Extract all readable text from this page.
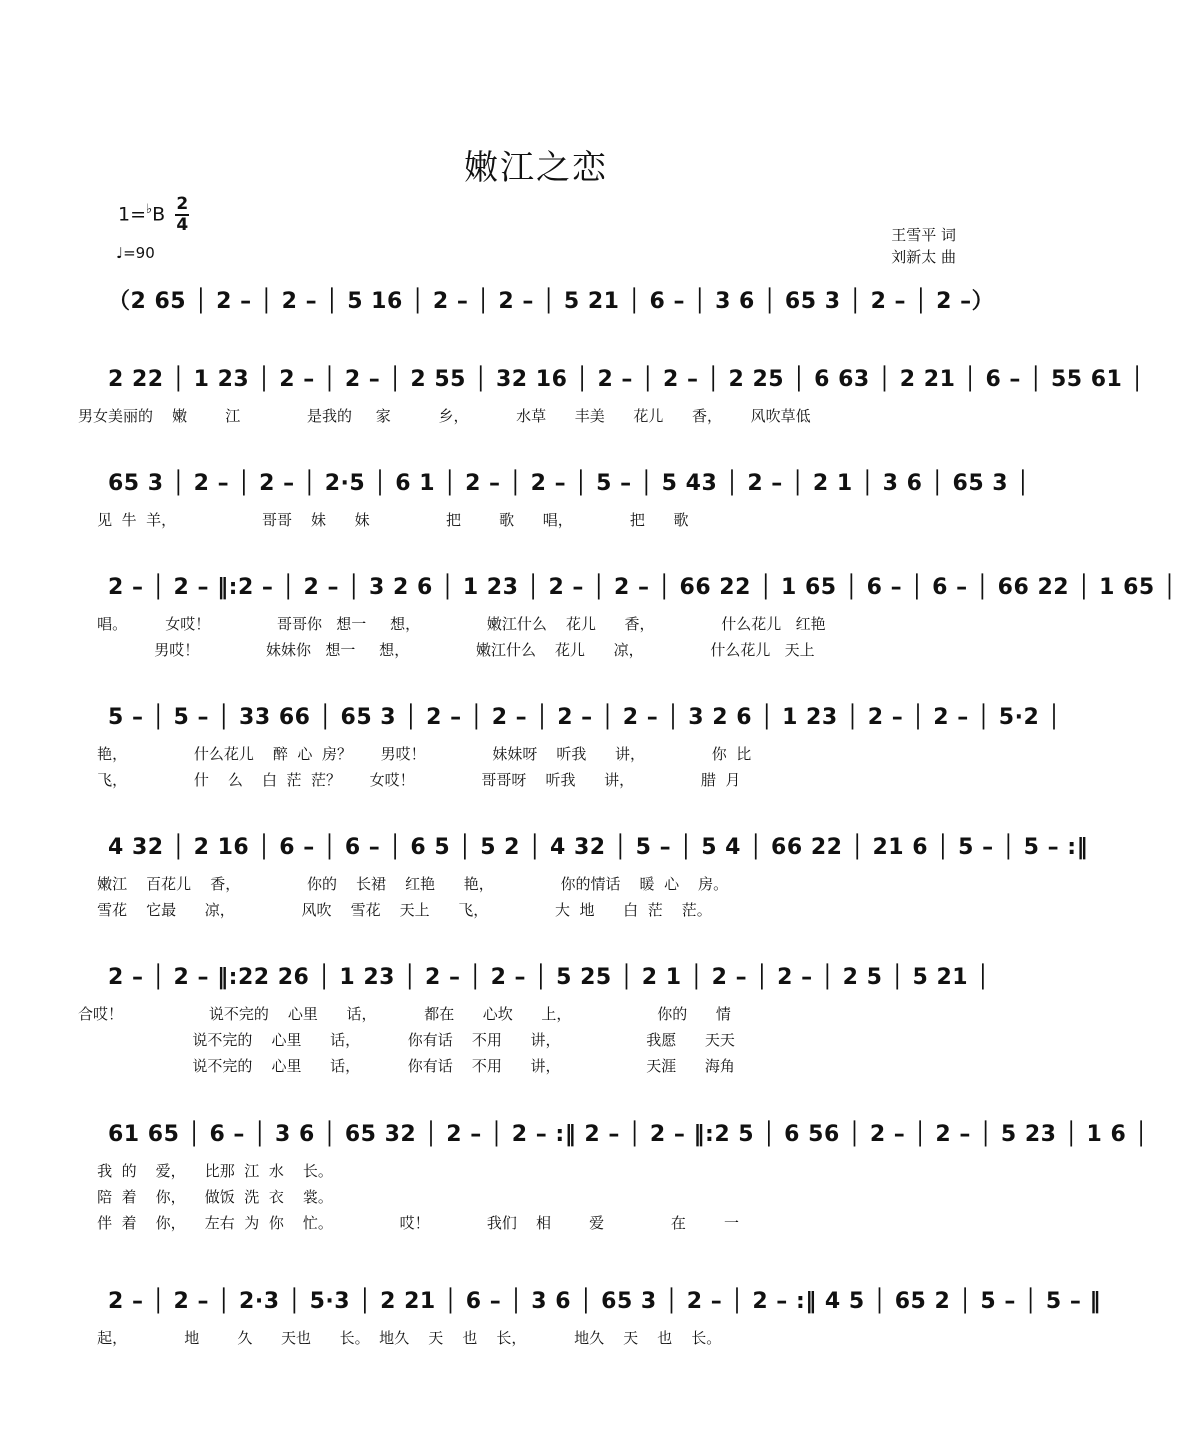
嫩江之恋
$1=^♭B \frac{2}{4}$
♩=90
王雪平 词
刘新太 曲
（2 65 │ 2 – │ 2 – │ 5 16 │ 2 – │ 2 – │ 5 21 │ 6 – │ 3 6 │ 65 3 │ 2 – │ 2 –）
2 22 │ 1 23 │ 2 – │ 2 – │ 2 55 │ 32 16 │ 2 – │ 2 – │ 2 25 │ 6 63 │ 2 21 │ 6 – │ 55 61 │
男女美丽的    嫩        江              是我的     家          乡，          水草      丰美      花儿      香，      风吹草低
65 3 │ 2 – │ 2 – │ 2·5 │ 6 1 │ 2 – │ 2 – │ 5 – │ 5 43 │ 2 – │ 2 1 │ 3 6 │ 65 3 │
见  牛  羊，                  哥哥    妹      妹                把        歌      唱，            把      歌
2 – │ 2 – ‖:2 – │ 2 – │ 3 2 6 │ 1 23 │ 2 – │ 2 – │ 66 22 │ 1 65 │ 6 – │ 6 – │ 66 22 │ 1 65 │
唱。        女哎！              哥哥你   想一     想，              嫩江什么    花儿      香，              什么花儿   红艳
男哎！              妹妹你   想一     想，              嫩江什么    花儿      凉，              什么花儿   天上
5 – │ 5 – │ 33 66 │ 65 3 │ 2 – │ 2 – │ 2 – │ 2 – │ 3 2 6 │ 1 23 │ 2 – │ 2 – │ 5·2 │
艳，              什么花儿    醉  心  房？      男哎！              妹妹呀    听我      讲，              你  比
飞，              什    么    白  茫  茫？      女哎！              哥哥呀    听我      讲，              腊  月
4 32 │ 2 16 │ 6 – │ 6 – │ 6 5 │ 5 2 │ 4 32 │ 5 – │ 5 4 │ 66 22 │ 21 6 │ 5 – │ 5 – :‖
嫩江    百花儿    香，              你的    长裙    红艳      艳，              你的情话    暖  心    房。
雪花    它最      凉，              风吹    雪花    天上      飞，              大  地      白  茫    茫。
2 – │ 2 – ‖:22 26 │ 1 23 │ 2 – │ 2 – │ 5 25 │ 2 1 │ 2 – │ 2 – │ 2 5 │ 5 21 │
合哎！                  说不完的    心里      话，          都在      心坎      上，                  你的      情
说不完的    心里      话，          你有话    不用      讲，                  我愿      天天
说不完的    心里      话，          你有话    不用      讲，                  天涯      海角
61 65 │ 6 – │ 3 6 │ 65 32 │ 2 – │ 2 – :‖ 2 – │ 2 – ‖:2 5 │ 6 56 │ 2 – │ 2 – │ 5 23 │ 1 6 │
我  的    爱，    比那  江  水    长。
陪  着    你，    做饭  洗  衣    裳。
伴  着    你，    左右  为  你    忙。              哎！            我们    相        爱              在        一
2 – │ 2 – │ 2·3 │ 5·3 │ 2 21 │ 6 – │ 3 6 │ 65 3 │ 2 – │ 2 – :‖ 4 5 │ 65 2 │ 5 – │ 5 – ‖
起，            地        久      天也      长。  地久    天    也    长，          地久    天    也    长。
